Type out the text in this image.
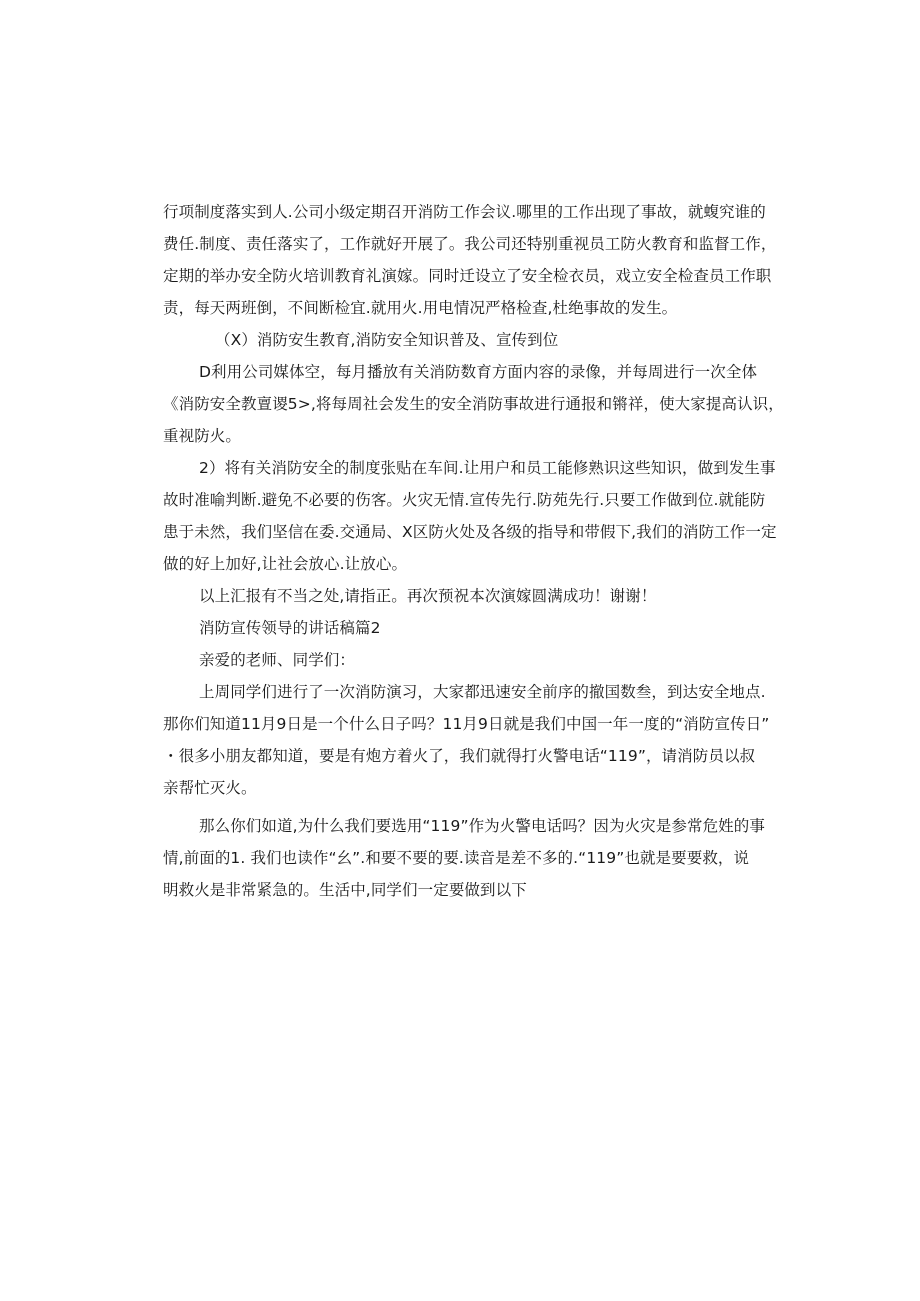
行项制度落实到人.公司小级定期召开消防工作会议.哪里的工作出现了事故，就蝮究谁的
费任.制度、责任落实了，工作就好开展了。我公司还特别重视员工防火教育和监督工作，
定期的举办安全防火培训教育礼演嫁。同时迁设立了安全检衣员，戏立安全检查员工作职
责，每天两班倒，不间断检宜.就用火.用电情况严格检查,杜绝事故的发生。
（X）消防安生教育,消防安全知识普及、宣传到位
D利用公司媒体空，每月播放有关消防数育方面内容的录像，并每周进行一次全体
《消防安全教亶谡5>,将每周社会发生的安全消防事故进行通报和锵祥，使大家提高认识，
重视防火。
2）将有关消防安全的制度张贴在车间.让用户和员工能修熟识这些知识，做到发生事
故时准喻判断.避免不必要的伤客。火灾无情.宣传先行.防苑先行.只要工作做到位.就能防
患于未然，我们坚信在委.交通局、X区防火处及各级的指导和带假下,我们的消防工作一定
做的好上加好,让社会放心.让放心。
以上汇报有不当之处,请指正。再次预祝本次演嫁圆满成功！谢谢！
消防宣传领导的讲话稿篇2
亲爱的老师、同学们：
上周同学们进行了一次消防演习，大家都迅速安全前序的撤国数叁，到达安全地点.
那你们知道11月9日是一个什么日子吗？11月9日就是我们中国一年一度的“消防宣传日”
・很多小朋友都知道，要是有炮方着火了，我们就得打火警电话“119”，请消防员以叔
亲帮忙灭火。
那么你们如道,为什么我们要选用“119”作为火警电话吗？因为火灾是参常危姓的事
情,前面的1. 我们也读作“幺”.和要不要的要.读音是差不多的.“119”也就是要要救，说
明救火是非常紧急的。生活中,同学们一定要做到以下
